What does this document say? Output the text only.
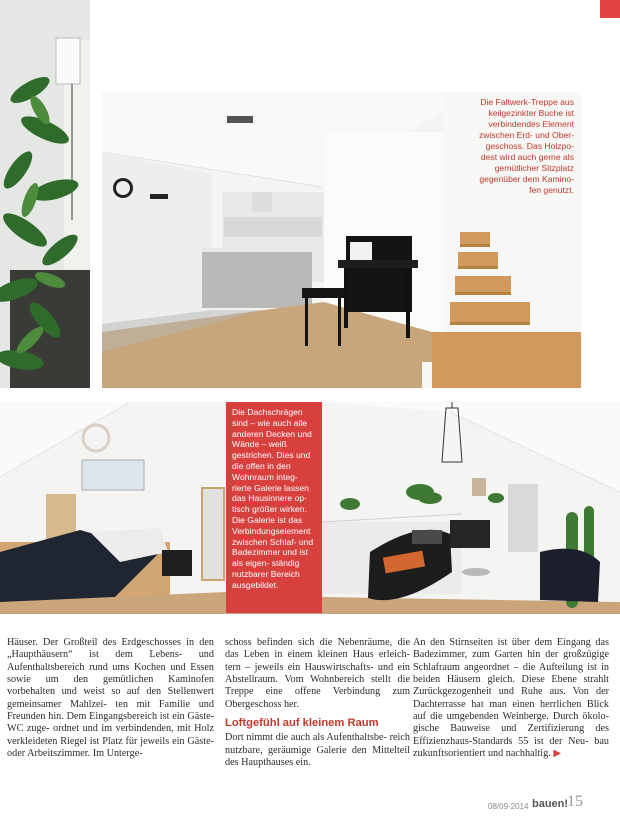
Die Faltwerk-Treppe aus keilgezinkter Buche ist verbindendes Element zwischen Erd- und Ober- geschoss. Das Holzpo- dest wird auch gerne als gemütlicher Sitzplatz gegenüber dem Kamino- fen genutzt.
Die Dachschrägen sind – wie auch alle anderen Decken und Wände – weiß gestrichen. Dies und die offen in den Wohnraum integ- rierte Galerie lassen das Hausinnere op- tisch größer wirken. Die Galerie ist das Verbindungselement zwischen Schlaf- und Badezimmer und ist als eigen- ständig nutzbarer Bereich ausgebildet.

Häuser. Der Großteil des Erdgeschosses in den „Haupthäusern“ ist dem Lebens- und Aufenthaltsbereich rund ums Kochen und Essen sowie um den gemütlichen Kaminofen vorbehalten und weist so auf den Stellenwert gemeinsamer Mahlzei- ten mit Familie und Freunden hin. Dem Eingangsbereich ist ein Gäste-WC zuge- ordnet und im verbindenden, mit Holz verkleideten Riegel ist Platz für jeweils ein Gäste- oder Arbeitszimmer. Im Unterge-

schoss befinden sich die Nebenräume, die das Leben in einem kleinen Haus erleich- tern – jeweils ein Hauswirtschafts- und ein Abstellraum. Vom Wohnbereich stellt die Treppe eine offene Verbindung zum Obergeschoss her.

Loftgefühl auf kleinem Raum

Dort nimmt die auch als Aufenthaltsbe- reich nutzbare, geräumige Galerie den Mittelteil des Haupthauses ein.

An den Stirnseiten ist über dem Eingang das Badezimmer, zum Garten hin der großzügige Schlafraum angeordnet – die Aufteilung ist in beiden Häusern gleich. Diese Ebene strahlt Zurückgezogenheit und Ruhe aus. Von der Dachterrasse hat man einen herrlichen Blick auf die umgebenden Weinberge. Durch ökolo- gische Bauweise und Zertifizierung des Effizienzhaus-Standards 55 ist der Neu- bau zukunftsorientiert und nachhaltig. ▶

08/09·2014 bauen!
15
